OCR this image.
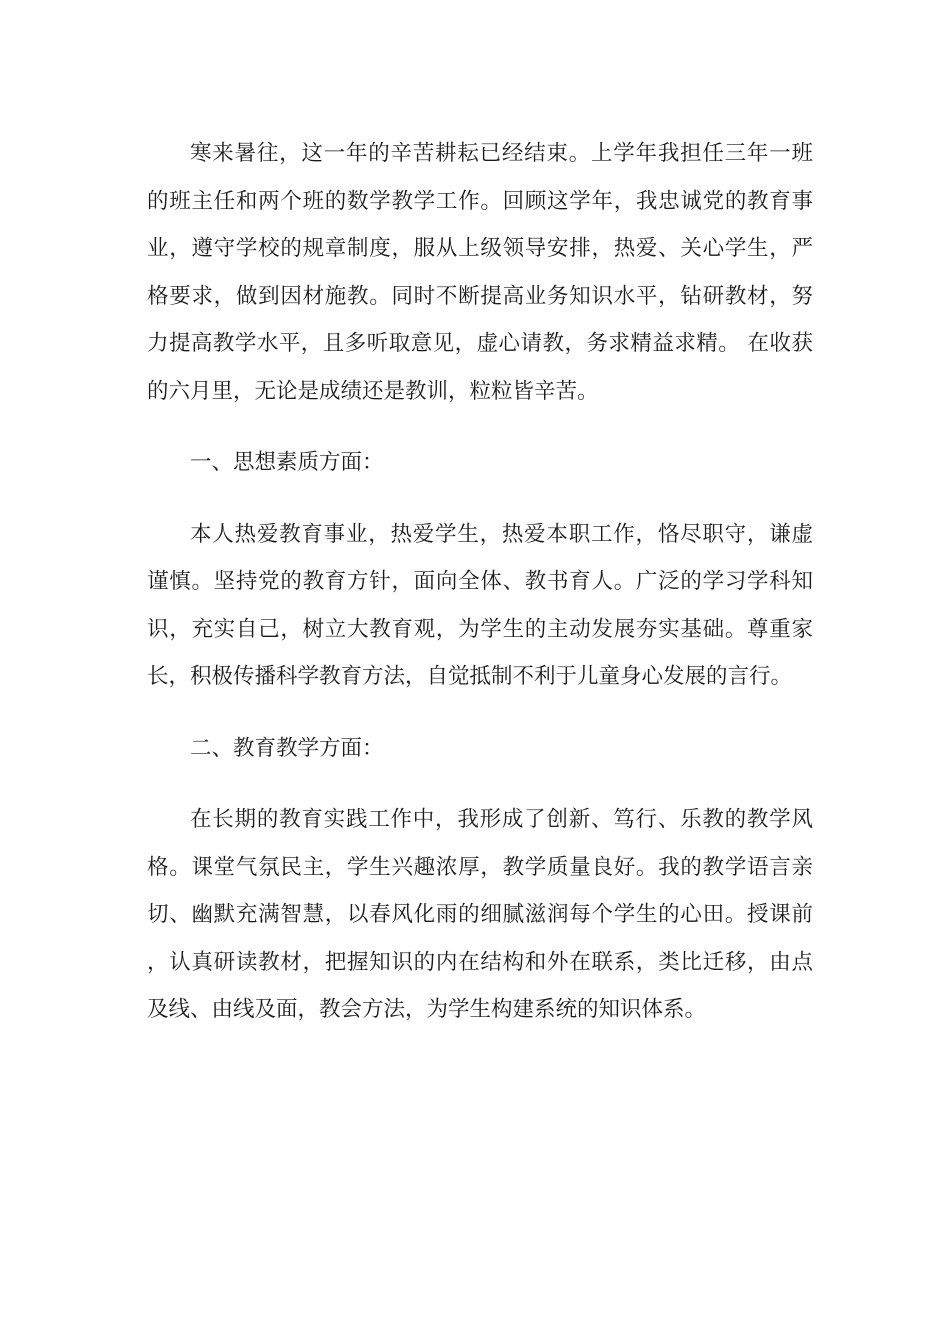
寒来暑往，这一年的辛苦耕耘已经结束。上学年我担任三年一班的班主任和两个班的数学教学工作。回顾这学年，我忠诚党的教育事业，遵守学校的规章制度，服从上级领导安排，热爱、关心学生，严格要求，做到因材施教。同时不断提高业务知识水平，钻研教材，努力提高教学水平，且多听取意见，虚心请教，务求精益求精。 在收获的六月里，无论是成绩还是教训，粒粒皆辛苦。

一、思想素质方面：

本人热爱教育事业，热爱学生，热爱本职工作，恪尽职守，谦虚谨慎。坚持党的教育方针，面向全体、教书育人。广泛的学习学科知识，充实自己，树立大教育观，为学生的主动发展夯实基础。尊重家长，积极传播科学教育方法，自觉抵制不利于儿童身心发展的言行。

二、教育教学方面：

在长期的教育实践工作中，我形成了创新、笃行、乐教的教学风格。课堂气氛民主，学生兴趣浓厚，教学质量良好。我的教学语言亲切、幽默充满智慧，以春风化雨的细腻滋润每个学生的心田。授课前，认真研读教材，把握知识的内在结构和外在联系，类比迁移，由点及线、由线及面，教会方法，为学生构建系统的知识体系。
